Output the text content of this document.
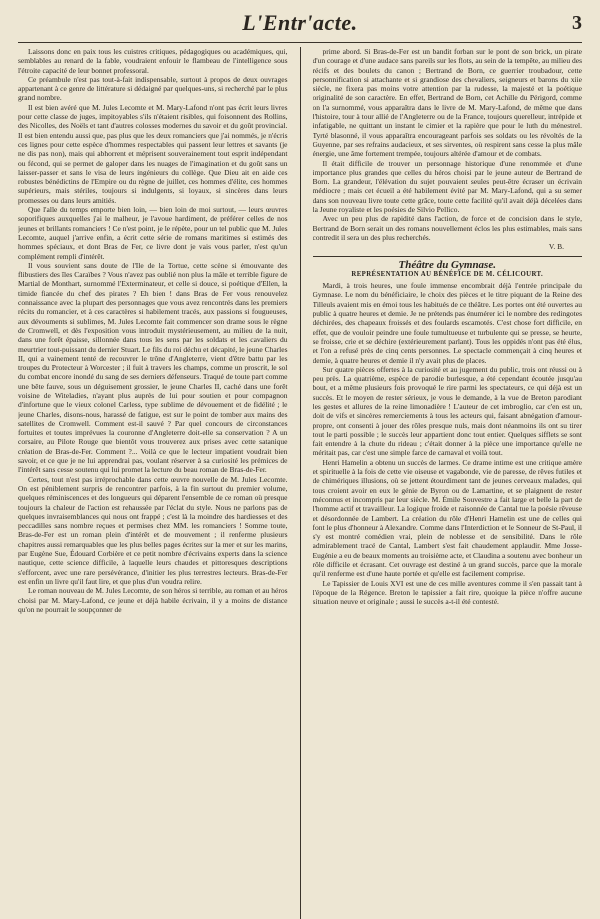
L'Entr'acte.	3

Laissons donc en paix tous les cuistres critiques, pédagogiques ou académiques, qui, semblables au renard de la fable, voudraient enfouir le flambeau de l'intelligence sous l'étroite capacité de leur bonnet professoral.

Ce préambule n'est pas tout-à-fait indispensable, surtout à propos de deux ouvrages appartenant à ce genre de littérature si dédaigné par quelques-uns, si recherché par le plus grand nombre.

Il est bien avéré que M. Jules Lecomte et M. Mary-Lafond n'ont pas écrit leurs livres pour cette classe de juges, impitoyables s'ils n'étaient risibles, qui foisonnent des Rollins, des Nicolles, des Noëls et tant d'autres colosses modernes du savoir et du goût provincial. Il est bien entendu aussi que, pas plus que les deux romanciers que j'ai nommés, je n'écris ces lignes pour cette espèce d'hommes respectables qui passent leur lettres et savants (je ne dis pas non), mais qui abhorrent et méprisent souverainement tout esprit indépendant ou fécond, qui se permet de galoper dans les nuages de l'imagination et du goût sans un laisser-passer et sans le visa de leurs ingénieurs du collège. Que Dieu ait en aide ces robustes bénédictins de l'Empire ou du règne de juillet, ces hommes d'élite, ces hommes supérieurs, mais stériles, toujours si indulgents, si loyaux, si sincères dans leurs promesses ou dans leurs amitiés.

Que l'alle du temps emporte bien loin, — bien loin de moi surtout, — leurs œuvres soporifiques auxquelles j'ai le malheur, je l'avoue hardiment, de préférer celles de nos jeunes et brillants romanciers ! Ce n'est point, je le répète, pour un tel public que M. Jules Lecomte, auquel j'arrive enfin, a écrit cette série de romans maritimes si estimés des hommes spéciaux, et dont Bras de Fer, ce livre dont je vais vous parler, n'est qu'un complément rempli d'intérêt.

Il vous souvient sans doute de l'Ile de la Tortue, cette scène si émouvante des flibustiers des îles Caraïbes ? Vous n'avez pas oublié non plus la mâle et terrible figure de Martial de Monthart, surnommé l'Exterminateur, et celle si douce, si poétique d'Ellen, la timide fiancée du chef des pirates ? Eh bien ! dans Bras de Fer vous renouvelez connaissance avec la plupart des personnages que vous avez rencontrés dans les premiers récits du romancier, et à ces caractères si habilement tracés, aux passions si fougueuses, aux dévouments si sublimes, M. Jules Lecomte fait commencer son drame sous le règne de Cromwell, et dès l'exposition vous introduit mystérieusement, au milieu de la nuit, dans une forêt épaisse, sillonnée dans tous les sens par les soldats et les cavaliers du meurtrier tout-puissant du dernier Stuart. Le fils du roi déchu et décapité, le jeune Charles II, qui a vainement tenté de recouvrer le trône d'Angleterre, vient d'être battu par les troupes du Protecteur à Worcester ; il fuit à travers les champs, comme un proscrit, le sol du combat encore inondé du sang de ses derniers défenseurs. Traqué de toute part comme une bête fauve, sous un déguisement grossier, le jeune Charles II, caché dans une forêt voisine de Witeladies, n'ayant plus auprès de lui pour soutien et pour compagnon d'infortune que le vieux colonel Carless, type sublime de dévouement et de fidélité ; le jeune Charles, disons-nous, harassé de fatigue, est sur le point de tomber aux mains des satellites de Cromwell. Comment est-il sauvé ? Par quel concours de circonstances fortuites et toutes imprévues la couronne d'Angleterre doit-elle sa conservation ? A un corsaire, au Pilote Rouge que bientôt vous trouverez aux prises avec cette satanique création de Bras-de-Fer. Comment ?... Voilà ce que le lecteur impatient voudrait bien savoir, et ce que je ne lui apprendrai pas, voulant réserver à sa curiosité les prémices de l'intérêt sans cesse soutenu qui lui promet la lecture du beau roman de Bras-de-Fer.

Certes, tout n'est pas irréprochable dans cette œuvre nouvelle de M. Jules Lecomte. On est péniblement surpris de rencontrer parfois, à la fin surtout du premier volume, quelques réminiscences et des longueurs qui déparent l'ensemble de ce roman où presque toujours la chaleur de l'action est rehaussée par l'éclat du style. Nous ne parlons pas de quelques invraisemblances qui nous ont frappé ; c'est là la moindre des hardiesses et des peccadilles sans nombre reçues et permises chez MM. les romanciers ! Somme toute, Bras-de-Fer est un roman plein d'intérêt et de mouvement ; il renferme plusieurs chapitres aussi remarquables que les plus belles pages écrites sur la mer et sur les marins, par Eugène Sue, Édouard Corbière et ce petit nombre d'écrivains experts dans la science nautique, cette science difficile, à laquelle leurs chaudes et pittoresques descriptions s'efforcent, avec une rare persévérance, d'initier les plus terrestres lecteurs. Bras-de-Fer est enfin un livre qu'il faut lire, et que plus d'un voudra relire.

Le roman nouveau de M. Jules Lecomte, de son héros si terrible, au roman et au héros choisi par M. Mary-Lafond, ce jeune et déjà habile écrivain, il y a moins de distance qu'on ne pourrait le soupçonner de

prime abord. Si Bras-de-Fer est un bandit forban sur le pont de son brick, un pirate d'un courage et d'une audace sans pareils sur les flots, au sein de la tempête, au milieu des récifs et des boulets du canon ; Bertrand de Born, ce guerrier troubadour, cette personnification si attachante et si grandiose des chevaliers, seigneurs et barons du xiie siècle, ne fixera pas moins votre attention par la rudesse, la majesté et la poétique originalité de son caractère. En effet, Bertrand de Born, cet Achille du Périgord, comme on l'a surnommé, vous apparaîtra dans le livre de M. Mary-Lafond, de même que dans l'histoire, tour à tour allié de l'Angleterre ou de la France, toujours querelleur, intrépide et infatigable, ne quittant un instant le cimier et la rapière que pour le luth du ménestrel. Tyrté blasonné, il vous apparaîtra encourageant parfois ses soldats ou les révoltés de la Guyenne, par ses refrains audacieux, et ses sirventes, où respirent sans cesse la plus mâle énergie, une âme fortement trempée, toujours altérée d'amour et de combats.

Il était difficile de trouver un personnage historique d'une renommée et d'une importance plus grandes que celles du héros choisi par le jeune auteur de Bertrand de Born. La grandeur, l'élévation du sujet pouvaient seules peut-être écraser un écrivain médiocre ; mais cet écueil a été habilement évité par M. Mary-Lafond, qui a su semer dans son nouveau livre toute cette grâce, toute cette facilité qu'il avait déjà décelées dans la Jeune royaliste et les poésies de Silvio Pellico.

Avec un peu plus de rapidité dans l'action, de force et de concision dans le style, Bertrand de Born serait un des romans nouvellement éclos les plus estimables, mais sans contredit il sera un des plus recherchés.

V. B.
Théâtre du Gymnase.
REPRÉSENTATION AU BÉNÉFICE DE M. CÉLICOURT.

Mardi, à trois heures, une foule immense encombrait déjà l'entrée principale du Gymnase. Le nom du bénéficiaire, le choix des pièces et le titre piquant de la Reine des Tilleuls avaient mis en émoi tous les habitués de ce théâtre. Les portes ont été ouvertes au public à quatre heures et demie. Je ne prétends pas énumérer ici le nombre des redingotes déchirées, des chapeaux froissés et des foulards escamotés. C'est chose fort difficile, en effet, que de vouloir peindre une foule tumultueuse et turbulente qui se presse, se heurte, se froisse, crie et se déchire (extérieurement parlant). Tous les oppidés n'ont pas été élus, et l'on a refusé près de cinq cents personnes. Le spectacle commençait à cinq heures et demie, à quatre heures et demie il n'y avait plus de places.

Sur quatre pièces offertes à la curiosité et au jugement du public, trois ont réussi ou à peu près. La quatrième, espèce de parodie burlesque, a été cependant écoutée jusqu'au bout, et a même plusieurs fois provoqué le rire parmi les spectateurs, ce qui déjà est un succès. Et le moyen de rester sérieux, je vous le demande, à la vue de Breton parodiant les gestes et allures de la reine limonadière ! L'auteur de cet imbroglio, car c'en est un, doit de vifs et sincères remerciements à tous les acteurs qui, faisant abnégation d'amour-propre, ont consenti à jouer des rôles presque nuls, mais dont néanmoins ils ont su tirer tout le parti possible ; le succès leur appartient donc tout entier. Quelques sifflets se sont fait entendre à la chute du rideau ; c'était donner à la pièce une importance qu'elle ne méritait pas, car c'est une simple farce de carnaval et voilà tout.

Henri Hamelin a obtenu un succès de larmes. Ce drame intime est une critique amère et spirituelle à la fois de cette vie oiseuse et vagabonde, vie de paresse, de rêves futiles et de chimériques illusions, où se jettent étourdiment tant de jeunes cerveaux malades, qui tous croient avoir en eux le génie de Byron ou de Lamartine, et se plaignent de rester méconnus et incompris par leur siècle. M. Émile Souvestre a fait large et belle la part de l'homme actif et travailleur. La logique froide et raisonnée de Cantal tue la poésie rêveuse et désordonnée de Lambert. La création du rôle d'Henri Hamelin est une de celles qui font le plus d'honneur à Alexandre. Comme dans l'Interdiction et le Sonneur de St-Paul, il s'y est montré comédien vrai, plein de noblesse et de sensibilité. Dans le rôle admirablement tracé de Cantal, Lambert s'est fait chaudement applaudir. Mme Josse-Eugénie a eu de beaux moments au troisième acte, et Claudina a soutenu avec bonheur un rôle difficile et écrasant. Cet ouvrage est destiné à un grand succès, parce que la morale qu'il renferme est d'une haute portée et qu'elle est facilement comprise.

Le Tapissier de Louis XVI est une de ces mille aventures comme il s'en passait tant à l'époque de la Régence. Breton le tapissier a fait rire, quoique la pièce n'offre aucune situation neuve et originale ; aussi le succès a-t-il été contesté.
